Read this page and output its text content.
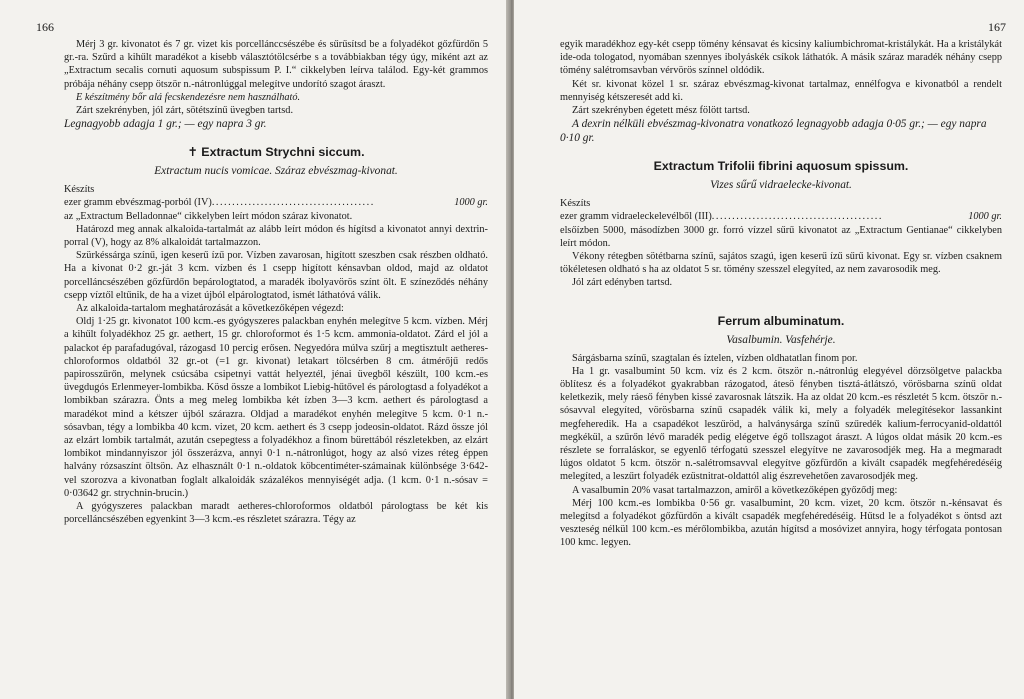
166

Mérj 3 gr. kivonatot és 7 gr. vizet kis porcellánccsészébe és sűrűsítsd be a folyadékot gőzfürdőn 5 gr.-ra. Szűrd a kihűlt maradékot a kisebb választótölcsérbe s a továbbiakban tégy úgy, miként azt az „Extractum secalis cornuti aquosum subspissum P. I.“ cikkelyben leírva találod. Egy-két grammos próbája néhány csepp ötször n.-nátronlúggal melegítve undorító szagot áraszt.

E készítmény bőr alá fecskendezésre nem használható.

Zárt szekrényben, jól zárt, sötétszínű üvegben tartsd.

Legnagyobb adagja 1 gr.; — egy napra 3 gr.
✝ Extractum Strychni siccum.
Extractum nucis vomicae. Száraz ebvészmag-kivonat.

Készíts

ezer gramm ebvészmag-porból (IV) ........................................	1000 gr.

az „Extractum Belladonnae“ cikkelyben leírt módon száraz kivonatot.

Határozd meg annak alkaloida-tartalmát az alább leírt módon és hígítsd a kivonatot annyi dextrin-porral (V), hogy az 8% alkaloidát tartalmazzon.

Szürkéssárga színű, igen keserű ízű por. Vízben zavarosan, higított szeszben csak részben oldható. Ha a kivonat 0·2 gr.-ját 3 kcm. vízben és 1 csepp higított kénsavban oldod, majd az oldatot porcelláncsészében gőzfürdőn bepárologtatod, a maradék ibolyavörös színt ölt. E színeződés néhány csepp víztől eltűnik, de ha a vizet újból elpárologtatod, ismét láthatóvá válik.

Az alkaloida-tartalom meghatározását a következőképen végezd:

Oldj 1·25 gr. kivonatot 100 kcm.-es gyógyszeres palackban enyhén melegítve 5 kcm. vízben. Mérj a kihűlt folyadékhoz 25 gr. aethert, 15 gr. chloroformot és 1·5 kcm. ammonia-oldatot. Zárd el jól a palackot ép parafadugóval, rázogasd 10 percig erősen. Negyedóra múlva szűrj a megtisztult aetheres-chloroformos oldatból 32 gr.-ot (=1 gr. kivonat) letakart tölcsérben 8 cm. átmérőjű redős papirosszűrőn, melynek csúcsába csipetnyi vattát helyeztél, jénai üvegből készült, 100 kcm.-es üvegdugós Erlenmeyer-lombikba. Kösd össze a lombikot Liebig-hűtővel és párologtasd a folyadékot a lombikban szárazra. Önts a meg meleg lombikba két ízben 3—3 kcm. aethert és párologtasd a maradékot mind a kétszer újból szárazra. Oldjad a maradékot enyhén melegítve 5 kcm. 0·1 n.-sósavban, tégy a lombikba 40 kcm. vizet, 20 kcm. aethert és 3 csepp jodeosin-oldatot. Rázd össze jól az elzárt lombik tartalmát, azután csepegtess a folyadékhoz a finom bürettából részletekben, az elzárt lombikot mindannyiszor jól összerázva, annyi 0·1 n.-nátronlúgot, hogy az alsó vizes réteg éppen halvány rózsaszínt öltsön. Az elhasznált 0·1 n.-oldatok köbcentiméter-számainak különbsége 3·642-vel szorozva a kivonatban foglalt alkaloidák százalékos mennyiségét adja. (1 kcm. 0·1 n.-sósav = 0·03642 gr. strychnin-brucin.)

A gyógyszeres palackban maradt aetheres-chloroformos oldatból párologtass be két kis porcelláncsészében egyenkint 3—3 kcm.-es részletet szárazra. Tégy az

167

egyik maradékhoz egy-két csepp tömény kénsavat és kicsiny kaliumbichromat-kristálykát. Ha a kristálykát ide-oda tologatod, nyomában szennyes ibolyáskék csíkok láthatók. A másik száraz maradék néhány csepp tömény salétromsavban vérvörös színnel oldódik.

Két sr. kivonat közel 1 sr. száraz ebvészmag-kivonat tartalmaz, ennélfogva e kivonatból a rendelt mennyiség kétszeresét add ki.

Zárt szekrényben égetett mész fölött tartsd.

A dexrin nélküli ebvészmag-kivonatra vonatkozó legnagyobb adagja 0·05 gr.; — egy napra 0·10 gr.
Extractum Trifolii fibrini aquosum spissum.
Vizes sűrű vidraelecke-kivonat.

Készíts

ezer gramm vidraeleckelevélből (III) ..........................................	1000 gr.

elsőízben 5000, másodízben 3000 gr. forró vízzel sűrű kivonatot az „Extractum Gentianae“ cikkelyben leírt módon.

Vékony rétegben sötétbarna színű, sajátos szagú, igen keserű ízű sűrű kivonat. Egy sr. vízben csaknem tökéletesen oldható s ha az oldatot 5 sr. tömény szesszel elegyíted, az nem zavarosodik meg.

Jól zárt edényben tartsd.

Ferrum albuminatum.
Vasalbumin. Vasfehérje.

Sárgásbarna színű, szagtalan és íztelen, vízben oldhatatlan finom por.

Ha 1 gr. vasalbumint 50 kcm. víz és 2 kcm. ötször n.-nátronlúg elegyével dörzsölgetve palackba öblítesz és a folyadékot gyakrabban rázogatod, átesö fényben tisztá-átlátszó, vörösbarna színű oldat keletkezik, mely ráeső fényben kissé zavarosnak látszik. Ha az oldat 20 kcm.-es részletét 5 kcm. ötször n.-sósavval elegyíted, vörösbarna színű csapadék válik ki, mely a folyadék melegítésekor lassankint megfeheredik. Ha a csapadékot leszűröd, a halványsárga színű szűredék kalium-ferrocyanid-oldattól megkékül, a szűrőn lévő maradék pedig elégetve égő tollszagot áraszt. A lúgos oldat másik 20 kcm.-es részlete se forraláskor, se egyenlő térfogatú szesszel elegyítve ne zavarosodjék meg. Ha a megmaradt lúgos oldatot 5 kcm. ötször n.-salétromsavval elegyítve gőzfürdőn a kivált csapadék megfehéredéséig melegíted, a leszűrt folyadék ezüstnitrat-oldattól alig észrevehetően zavarosodjék meg.

A vasalbumin 20% vasat tartalmazzon, amiről a következőképen győződj meg:

Mérj 100 kcm.-es lombikba 0·56 gr. vasalbumint, 20 kcm. vizet, 20 kcm. ötször n.-kénsavat és melegítsd a folyadékot gőzfürdőn a kivált csapadék megfehéredéséig. Hűtsd le a folyadékot s öntsd azt veszteség nélkül 100 kcm.-es mérőlombikba, azután hígítsd a mosóvizet annyira, hogy térfogata pontosan 100 kmc. legyen.
